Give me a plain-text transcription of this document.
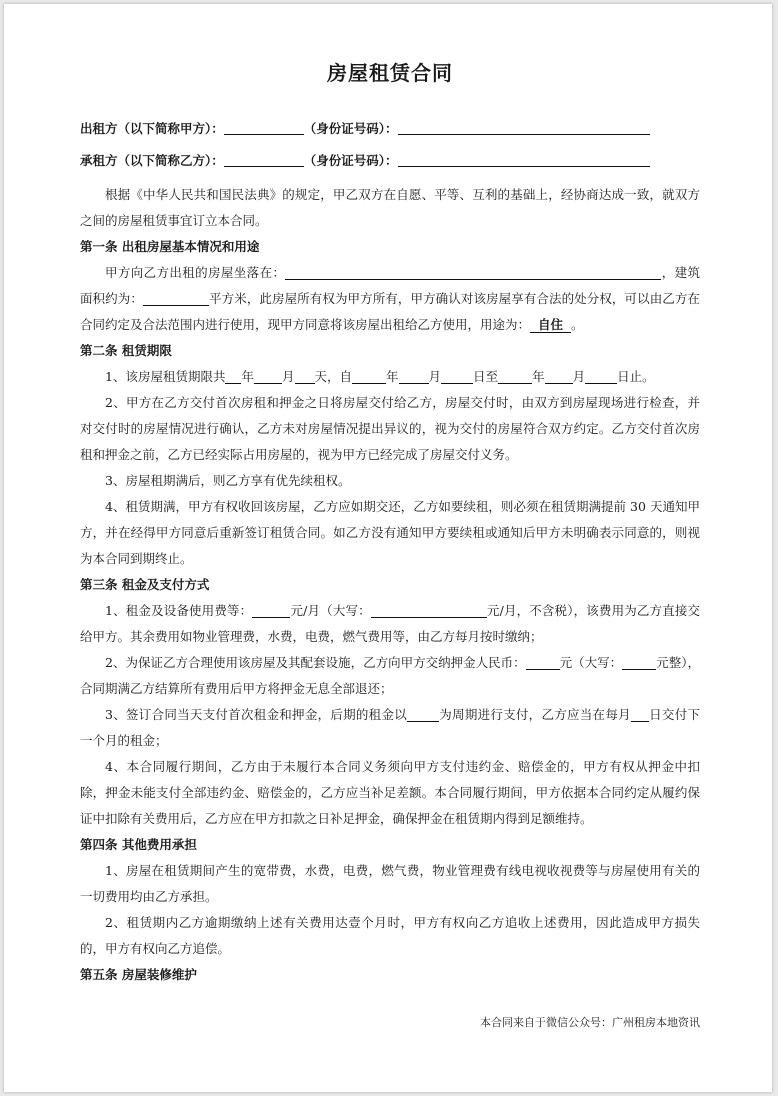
房屋租赁合同
出租方（以下简称甲方）：	（身份证号码）：
承租方（以下简称乙方）：	（身份证号码）：

根据《中华人民共和国民法典》的规定，甲乙双方在自愿、平等、互利的基础上，经协商达成一致，就双方之间的房屋租赁事宜订立本合同。

第一条 出租房屋基本情况和用途

甲方向乙方出租的房屋坐落在：	，建筑面积约为：	平方米，此房屋所有权为甲方所有，甲方确认对该房屋享有合法的处分权，可以由乙方在合同约定及合法范围内进行使用，现甲方同意将该房屋出租给乙方使用，用途为： 自住 。

第二条 租赁期限

1、该房屋租赁期限共 年 月 天，自	年 月	日至	年 月	日止。

2、甲方在乙方交付首次房租和押金之日将房屋交付给乙方，房屋交付时，由双方到房屋现场进行检查，并对交付时的房屋情况进行确认，乙方未对房屋情况提出异议的，视为交付的房屋符合双方约定。乙方交付首次房租和押金之前，乙方已经实际占用房屋的，视为甲方已经完成了房屋交付义务。

3、房屋租期满后，则乙方享有优先续租权。

4、租赁期满，甲方有权收回该房屋，乙方应如期交还，乙方如要续租，则必须在租赁期满提前 30 天通知甲方，并在经得甲方同意后重新签订租赁合同。如乙方没有通知甲方要续租或通知后甲方未明确表示同意的，则视为本合同到期终止。

第三条 租金及支付方式

1、租金及设备使用费等：	元/月（大写：	元/月，不含税），该费用为乙方直接交给甲方。其余费用如物业管理费，水费，电费，燃气费用等，由乙方每月按时缴纳；

2、为保证乙方合理使用该房屋及其配套设施，乙方向甲方交纳押金人民币：	元（大写：	元整），合同期满乙方结算所有费用后甲方将押金无息全部退还；

3、签订合同当天支付首次租金和押金，后期的租金以	为周期进行支付，乙方应当在每月 日交付下一个月的租金；

4、本合同履行期间，乙方由于未履行本合同义务须向甲方支付违约金、赔偿金的，甲方有权从押金中扣除，押金未能支付全部违约金、赔偿金的，乙方应当补足差额。本合同履行期间，甲方依据本合同约定从履约保证中扣除有关费用后，乙方应在甲方扣款之日补足押金，确保押金在租赁期内得到足额维持。

第四条 其他费用承担

1、房屋在租赁期间产生的宽带费，水费，电费，燃气费，物业管理费有线电视收视费等与房屋使用有关的一切费用均由乙方承担。

2、租赁期内乙方逾期缴纳上述有关费用达壹个月时，甲方有权向乙方追收上述费用，因此造成甲方损失的，甲方有权向乙方追偿。

第五条 房屋装修维护

本合同来自于微信公众号：广州租房本地资讯
